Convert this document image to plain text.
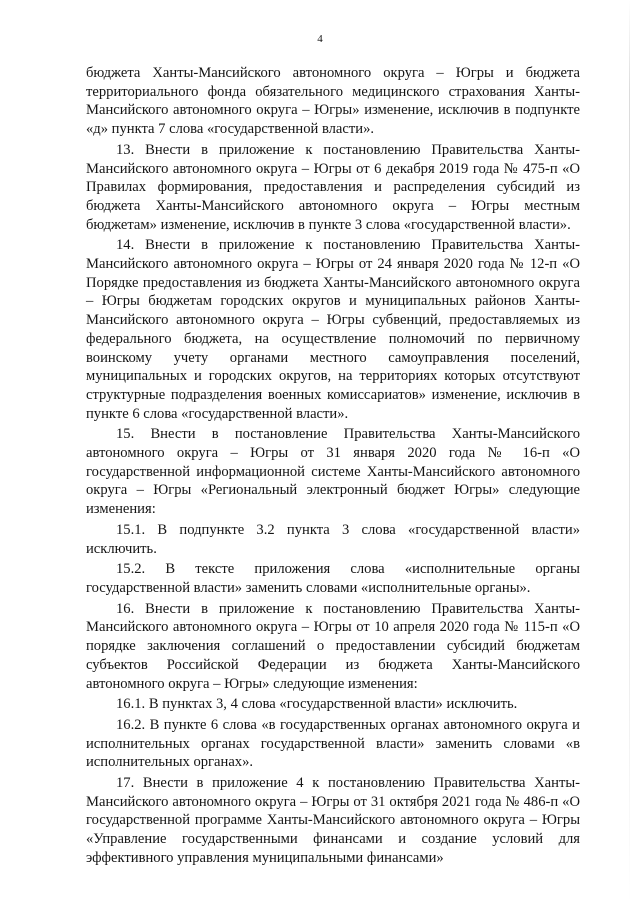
4

бюджета Ханты-Мансийского автономного округа – Югры и бюджета территориального фонда обязательного медицинского страхования Ханты-Мансийского автономного округа – Югры» изменение, исключив в подпункте «д» пункта 7 слова «государственной власти».

13. Внести в приложение к постановлению Правительства Ханты-Мансийского автономного округа – Югры от 6 декабря 2019 года № 475-п «О Правилах формирования, предоставления и распределения субсидий из бюджета Ханты-Мансийского автономного округа – Югры местным бюджетам» изменение, исключив в пункте 3 слова «государственной власти».

14. Внести в приложение к постановлению Правительства Ханты-Мансийского автономного округа – Югры от 24 января 2020 года № 12-п «О Порядке предоставления из бюджета Ханты-Мансийского автономного округа – Югры бюджетам городских округов и муниципальных районов Ханты-Мансийского автономного округа – Югры субвенций, предоставляемых из федерального бюджета, на осуществление полномочий по первичному воинскому учету органами местного самоуправления поселений, муниципальных и городских округов, на территориях которых отсутствуют структурные подразделения военных комиссариатов» изменение, исключив в пункте 6 слова «государственной власти».

15. Внести в постановление Правительства Ханты-Мансийского автономного округа – Югры от 31 января 2020 года № 16-п «О государственной информационной системе Ханты-Мансийского автономного округа – Югры «Региональный электронный бюджет Югры» следующие изменения:

15.1. В подпункте 3.2 пункта 3 слова «государственной власти» исключить.

15.2. В тексте приложения слова «исполнительные органы государственной власти» заменить словами «исполнительные органы».

16. Внести в приложение к постановлению Правительства Ханты-Мансийского автономного округа – Югры от 10 апреля 2020 года № 115-п «О порядке заключения соглашений о предоставлении субсидий бюджетам субъектов Российской Федерации из бюджета Ханты-Мансийского автономного округа – Югры» следующие изменения:

16.1. В пунктах 3, 4 слова «государственной власти» исключить.

16.2. В пункте 6 слова «в государственных органах автономного округа и исполнительных органах государственной власти» заменить словами «в исполнительных органах».

17. Внести в приложение 4 к постановлению Правительства Ханты-Мансийского автономного округа – Югры от 31 октября 2021 года № 486-п «О государственной программе Ханты-Мансийского автономного округа – Югры «Управление государственными финансами и создание условий для эффективного управления муниципальными финансами»
